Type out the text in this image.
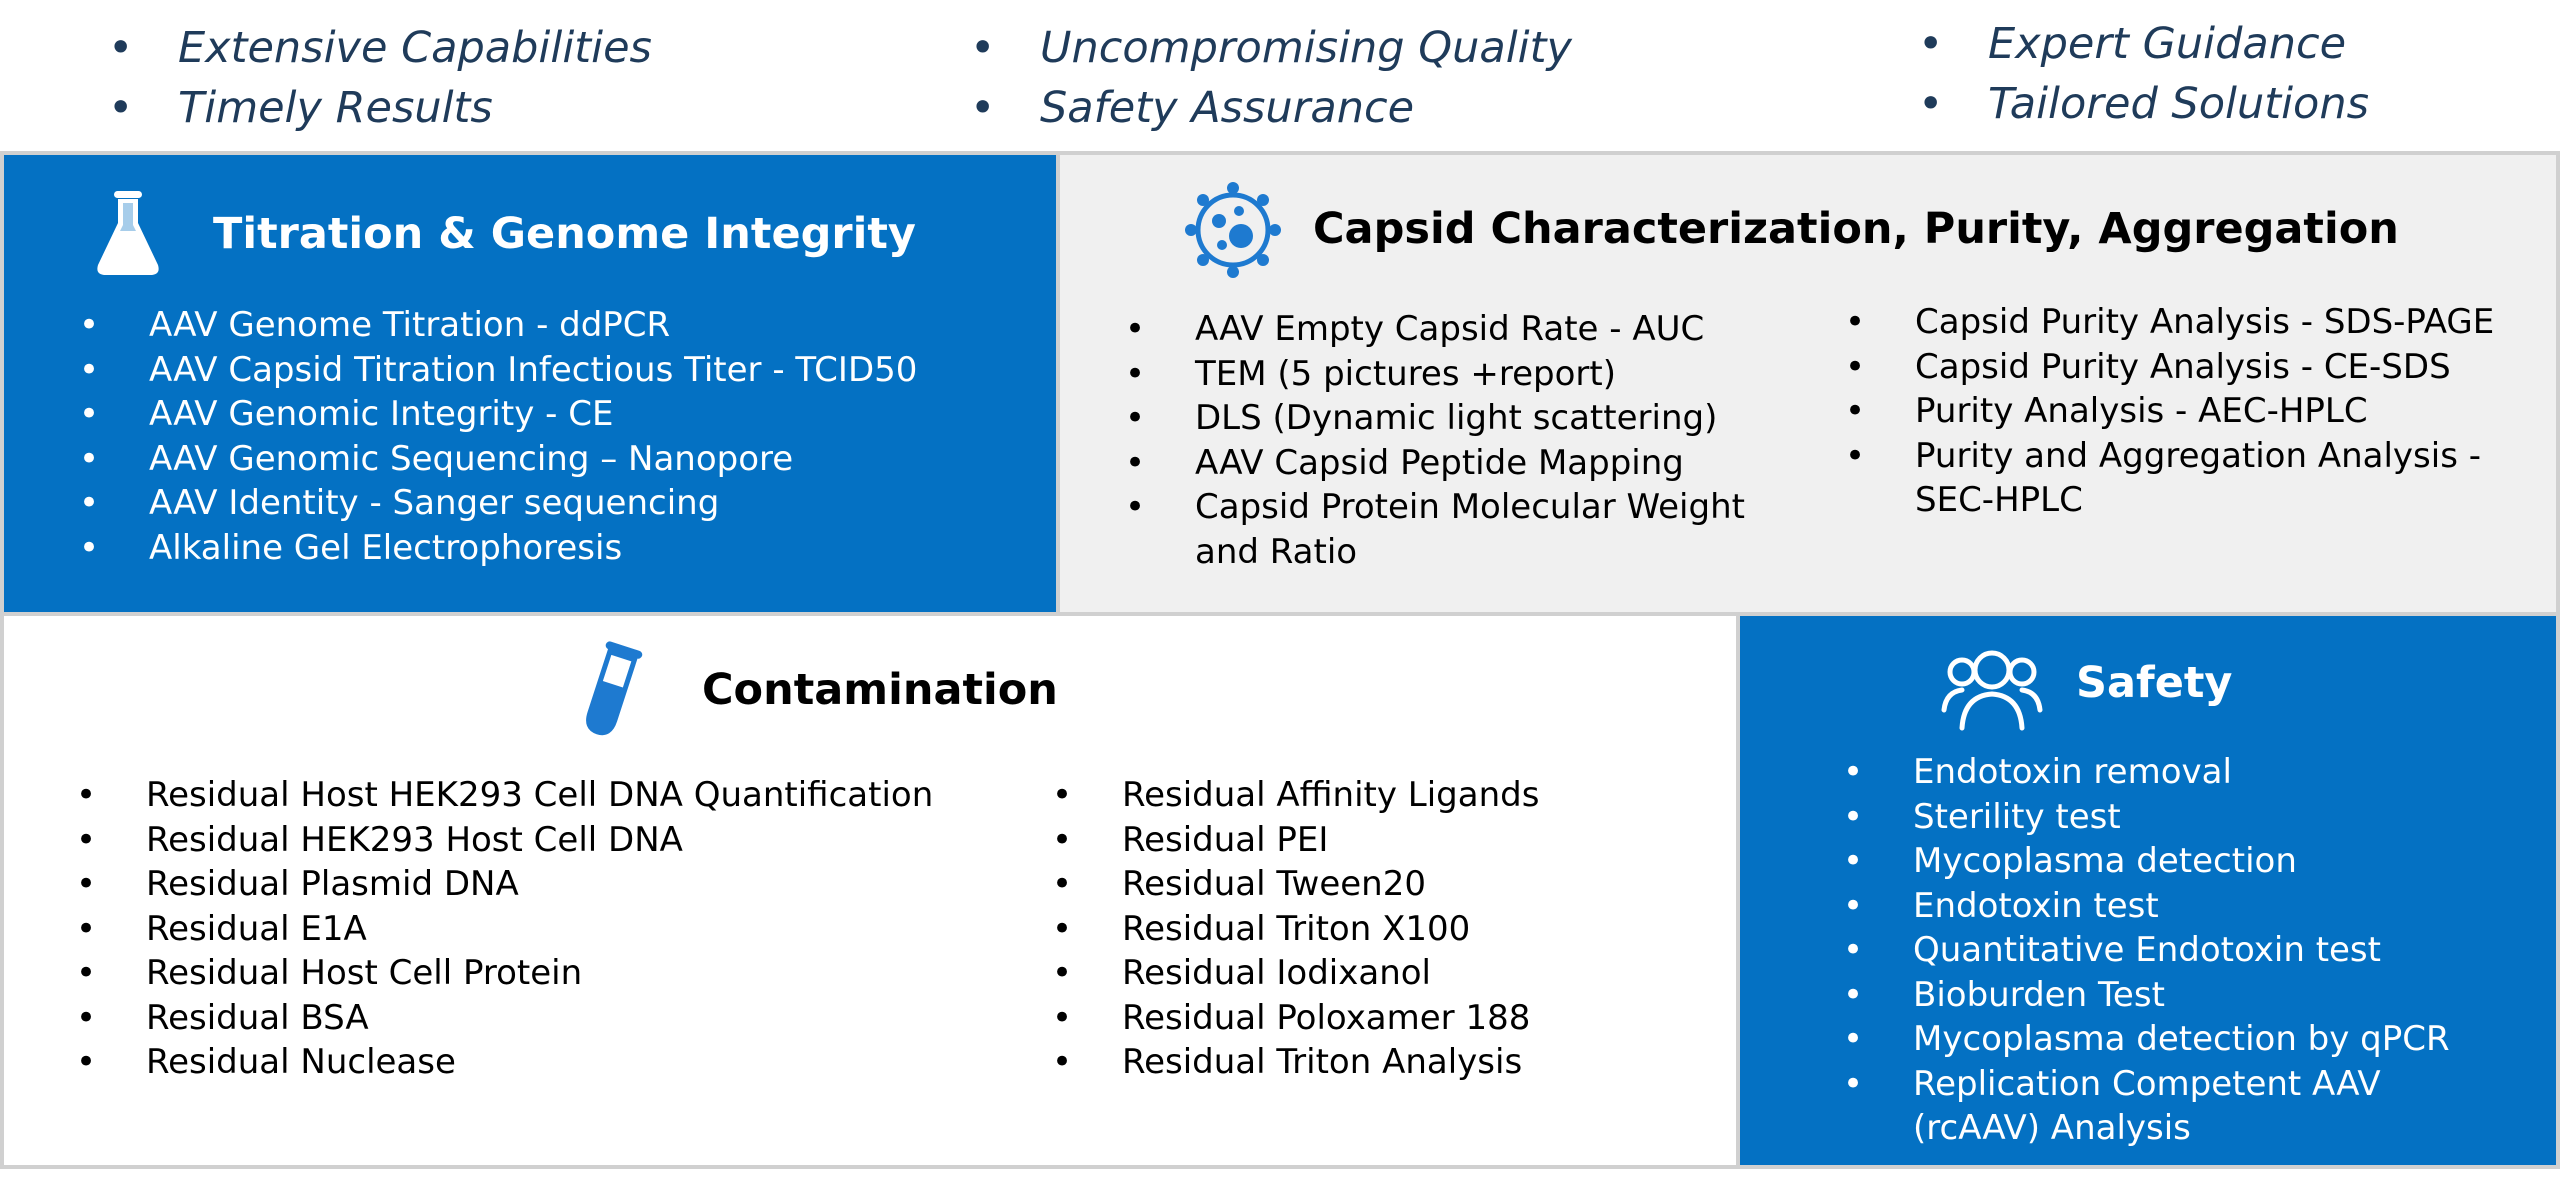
• Extensive Capabilities
• Timely Results
• Uncompromising Quality
• Safety Assurance
• Expert Guidance
• Tailored Solutions
Titration & Genome Integrity
• AAV Genome Titration - ddPCR
• AAV Capsid Titration Infectious Titer - TCID50
• AAV Genomic Integrity - CE
• AAV Genomic Sequencing – Nanopore
• AAV Identity - Sanger sequencing
• Alkaline Gel Electrophoresis
Capsid Characterization, Purity, Aggregation
• AAV Empty Capsid Rate - AUC
• TEM (5 pictures +report)
• DLS (Dynamic light scattering)
• AAV Capsid Peptide Mapping
• Capsid Protein Molecular Weight and Ratio
• Capsid Purity Analysis - SDS-PAGE
• Capsid Purity Analysis - CE-SDS
• Purity Analysis - AEC-HPLC
• Purity and Aggregation Analysis - SEC-HPLC
Contamination
• Residual Host HEK293 Cell DNA Quantification
• Residual HEK293 Host Cell DNA
• Residual Plasmid DNA
• Residual E1A
• Residual Host Cell Protein
• Residual BSA
• Residual Nuclease
• Residual Affinity Ligands
• Residual PEI
• Residual Tween20
• Residual Triton X100
• Residual Iodixanol
• Residual Poloxamer 188
• Residual Triton Analysis
Safety
• Endotoxin removal
• Sterility test
• Mycoplasma detection
• Endotoxin test
• Quantitative Endotoxin test
• Bioburden Test
• Mycoplasma detection by qPCR
• Replication Competent AAV (rcAAV) Analysis
